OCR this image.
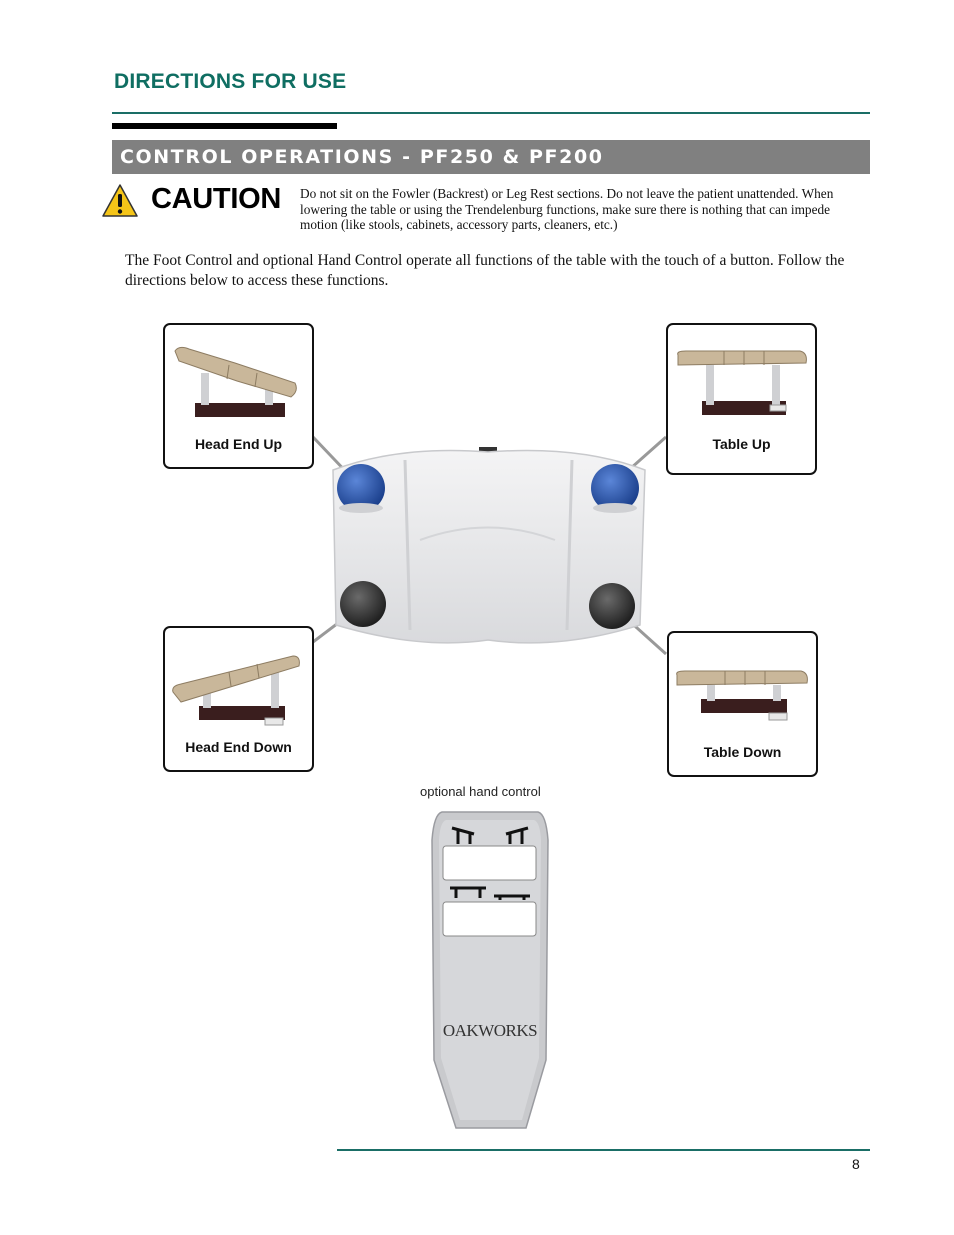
DIRECTIONS FOR USE
CONTROL OPERATIONS - PF250 & PF200
CAUTION Do not sit on the Fowler (Backrest) or Leg Rest sections. Do not leave the patient unattended. When lowering the table or using the Trendelenburg functions, make sure there is nothing that can impede motion (like stools, cabinets, accessory parts, cleaners, etc.)
The Foot Control and optional Hand Control operate all functions of the table with the touch of a button. Follow the directions below to access these functions.
Head End Up	Table Up
Head End Down	Table Down
optional hand control
OAKWORKS
8
